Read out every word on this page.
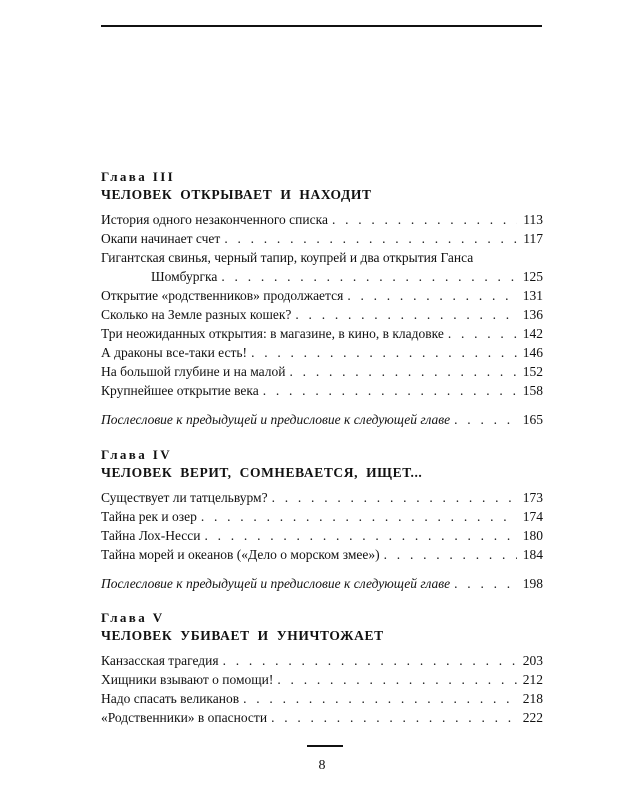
Глава III
ЧЕЛОВЕК ОТКРЫВАЕТ И НАХОДИТ
История одного незаконченного списка . . .	113
Окапи начинает счет . . .	117
Гигантская свинья, черный тапир, коупрей и два открытия Ганса
Шомбургка . . .	125
Открытие «родственников» продолжается . . .	131
Сколько на Земле разных кошек? . . .	136
Три неожиданных открытия: в магазине, в кино, в кладовке . . .	142
А драконы все-таки есть! . . .	146
На большой глубине и на малой . . .	152
Крупнейшее открытие века . . .	158
Послесловие к предыдущей и предисловие к следующей главе . . .	165
Глава IV
ЧЕЛОВЕК ВЕРИТ, СОМНЕВАЕТСЯ, ИЩЕТ...
Существует ли татцельвурм? . . .	173
Тайна рек и озер . . .	174
Тайна Лох-Несси . . .	180
Тайна морей и океанов («Дело о морском змее») . . .	184
Послесловие к предыдущей и предисловие к следующей главе . . .	198
Глава V
ЧЕЛОВЕК УБИВАЕТ И УНИЧТОЖАЕТ
Канзасская трагедия . . .	203
Хищники взывают о помощи! . . .	212
Надо спасать великанов . . .	218
«Родственники» в опасности . . .	222
8
